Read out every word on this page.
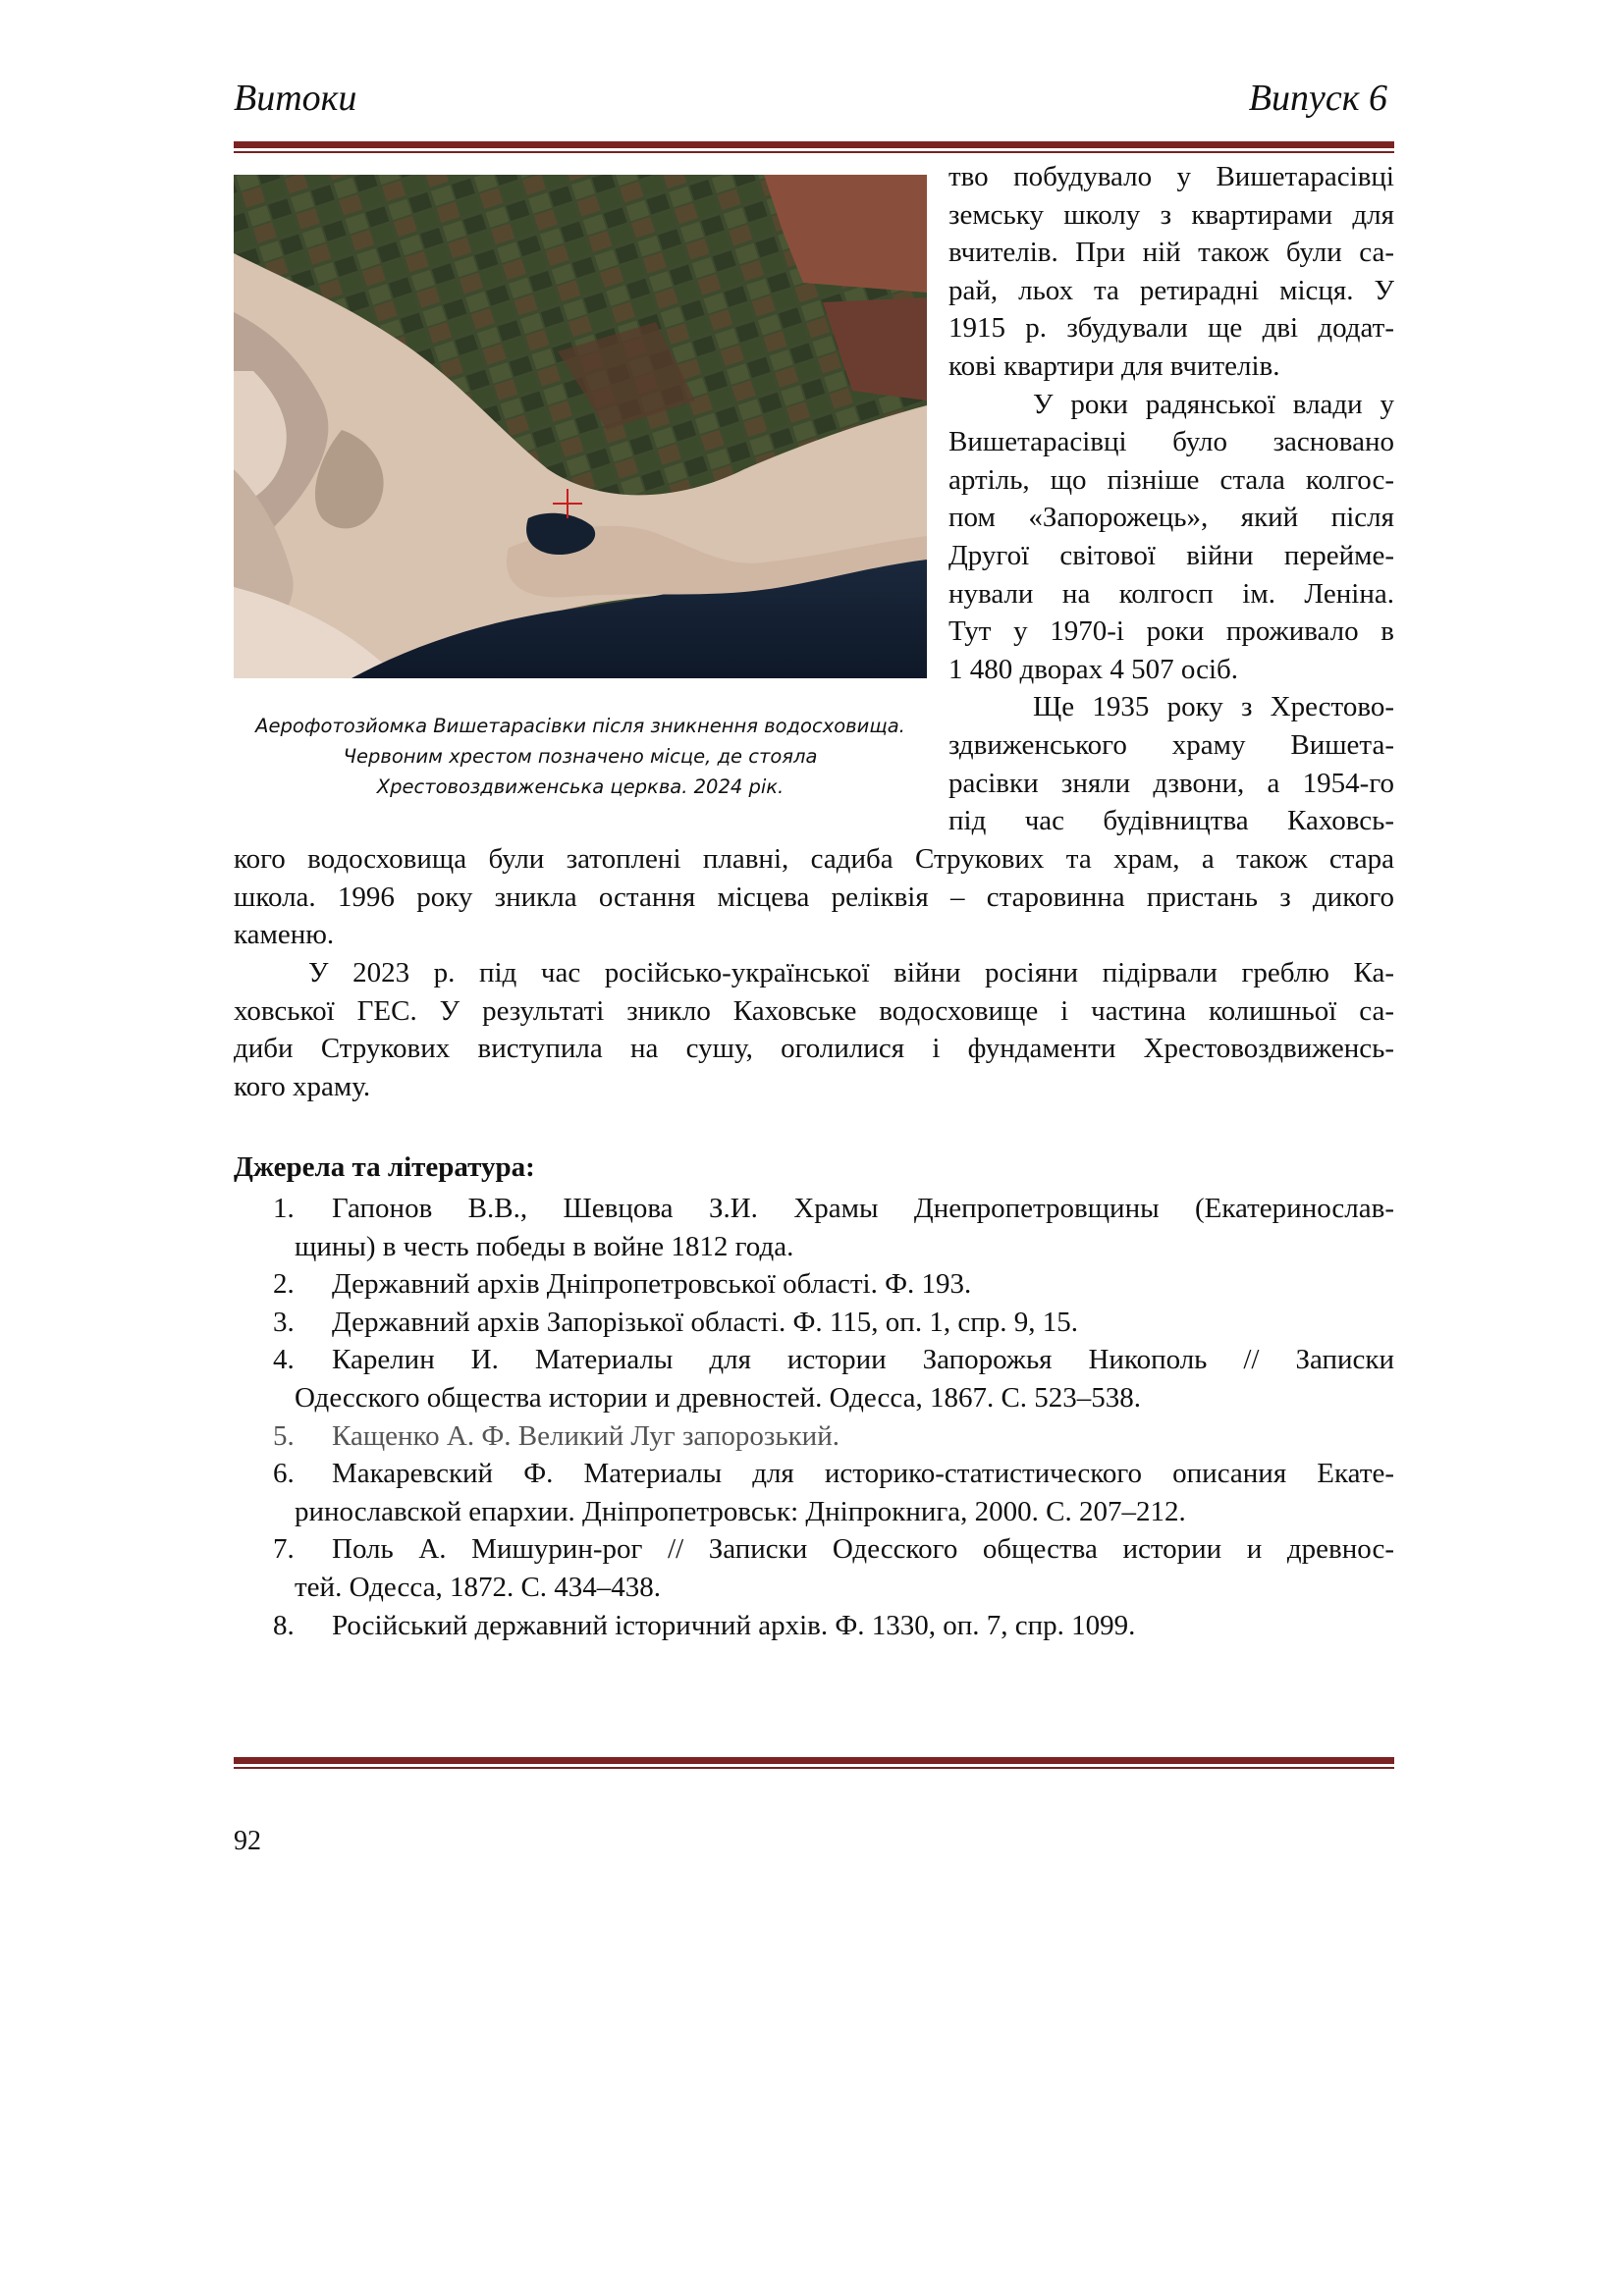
Витоки	Випуск 6
Аерофотозйомка Вишетарасівки після зникнення водосховища.
Червоним хрестом позначено місце, де стояла
Хрестовоздвиженська церква. 2024 рік.
тво побудувало у Вишетарасівці
земську школу з квартирами для
вчителів. При ній також були са-
рай, льох та ретирадні місця. У
1915 р. збудували ще дві додат-
кові квартири для вчителів.
У роки радянської влади у
Вишетарасівці було засновано
артіль, що пізніше стала колгос-
пом «Запорожець», який після
Другої світової війни переймe-
нували на колгосп ім. Леніна.
Тут у 1970-і роки проживало в
1 480 дворах 4 507 осіб.
Ще 1935 року з Хрестово-
здвиженського храму Вишета-
расівки зняли дзвони, а 1954-го
під час будівництва Каховсь-
кого водосховища були затоплені плавні, садиба Струкових та храм, а також стара
школа. 1996 року зникла остання місцева реліквія – старовинна пристань з дикого
каменю.
У 2023 р. під час російсько-української війни росіяни підірвали греблю Ка-
ховської ГЕС. У результаті зникло Каховське водосховище і частина колишньої са-
диби Струкових виступила на сушу, оголилися і фундаменти Хрестовоздвиженсь-
кого храму.
Джерела та література:
1.	Гапонов В.В., Шевцова З.И. Храмы Днепропетровщины (Екатеринослав-
щины) в честь победы в войне 1812 года.
2.	Державний архів Дніпропетровської області. Ф. 193.
3.	Державний архів Запорізької області. Ф. 115, оп. 1, спр. 9, 15.
4.	Карелин И. Материалы для истории Запорожья Никополь // Записки
Одесского общества истории и древностей. Одесса, 1867. С. 523–538.
5.	Кащенко А. Ф. Великий Луг запорозький.
6.	Макаревский Ф. Материалы для историко-статистического описания Екате-
ринославской епархии. Дніпропетровськ: Дніпрокнига, 2000. С. 207–212.
7.	Поль А. Мишурин-рог // Записки Одесского общества истории и древнос-
тей. Одесса, 1872. С. 434–438.
8.	Російський державний історичний архів. Ф. 1330, оп. 7, спр. 1099.
92
